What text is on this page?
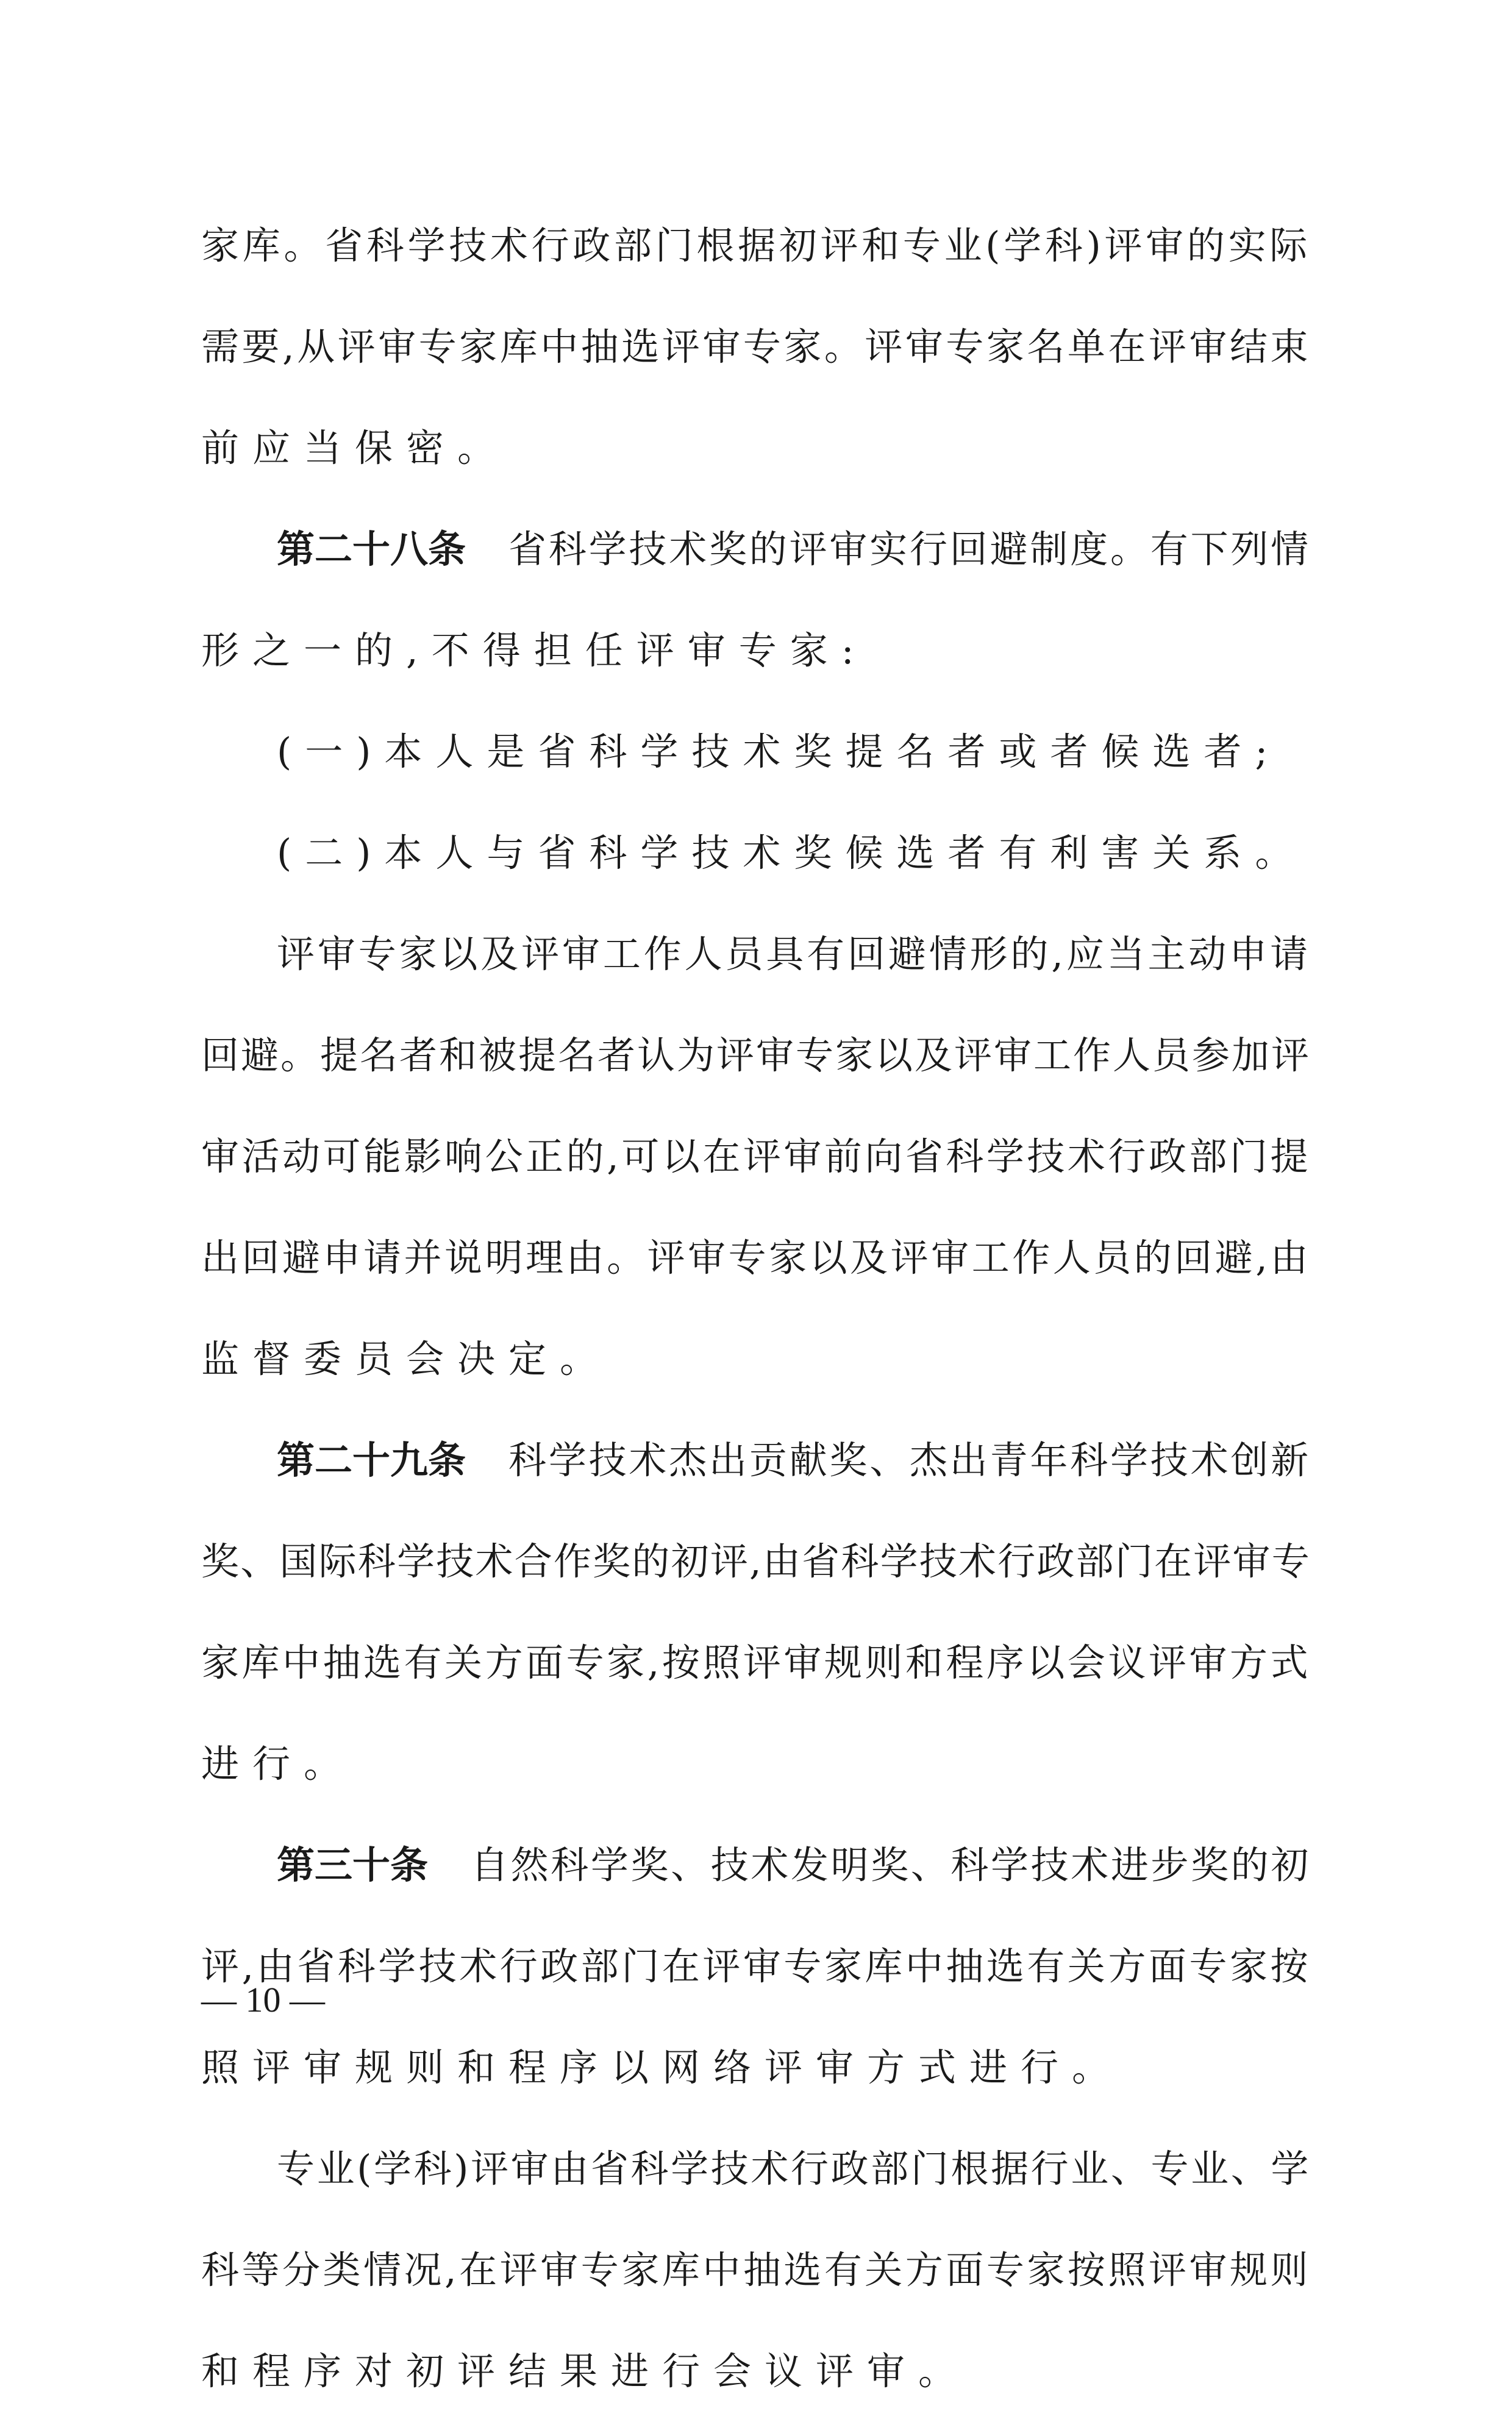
家库。省科学技术行政部门根据初评和专业(学科)评审的实际
需要,从评审专家库中抽选评审专家。评审专家名单在评审结束
前应当保密。
第二十八条 省科学技术奖的评审实行回避制度。有下列情
形之一的,不得担任评审专家:
(一)本人是省科学技术奖提名者或者候选者;
(二)本人与省科学技术奖候选者有利害关系。
评审专家以及评审工作人员具有回避情形的,应当主动申请
回避。提名者和被提名者认为评审专家以及评审工作人员参加评
审活动可能影响公正的,可以在评审前向省科学技术行政部门提
出回避申请并说明理由。评审专家以及评审工作人员的回避,由
监督委员会决定。
第二十九条 科学技术杰出贡献奖、杰出青年科学技术创新
奖、国际科学技术合作奖的初评,由省科学技术行政部门在评审专
家库中抽选有关方面专家,按照评审规则和程序以会议评审方式
进行。
第三十条 自然科学奖、技术发明奖、科学技术进步奖的初
评,由省科学技术行政部门在评审专家库中抽选有关方面专家按
照评审规则和程序以网络评审方式进行。
专业(学科)评审由省科学技术行政部门根据行业、专业、学
科等分类情况,在评审专家库中抽选有关方面专家按照评审规则
和程序对初评结果进行会议评审。
— 10 —
